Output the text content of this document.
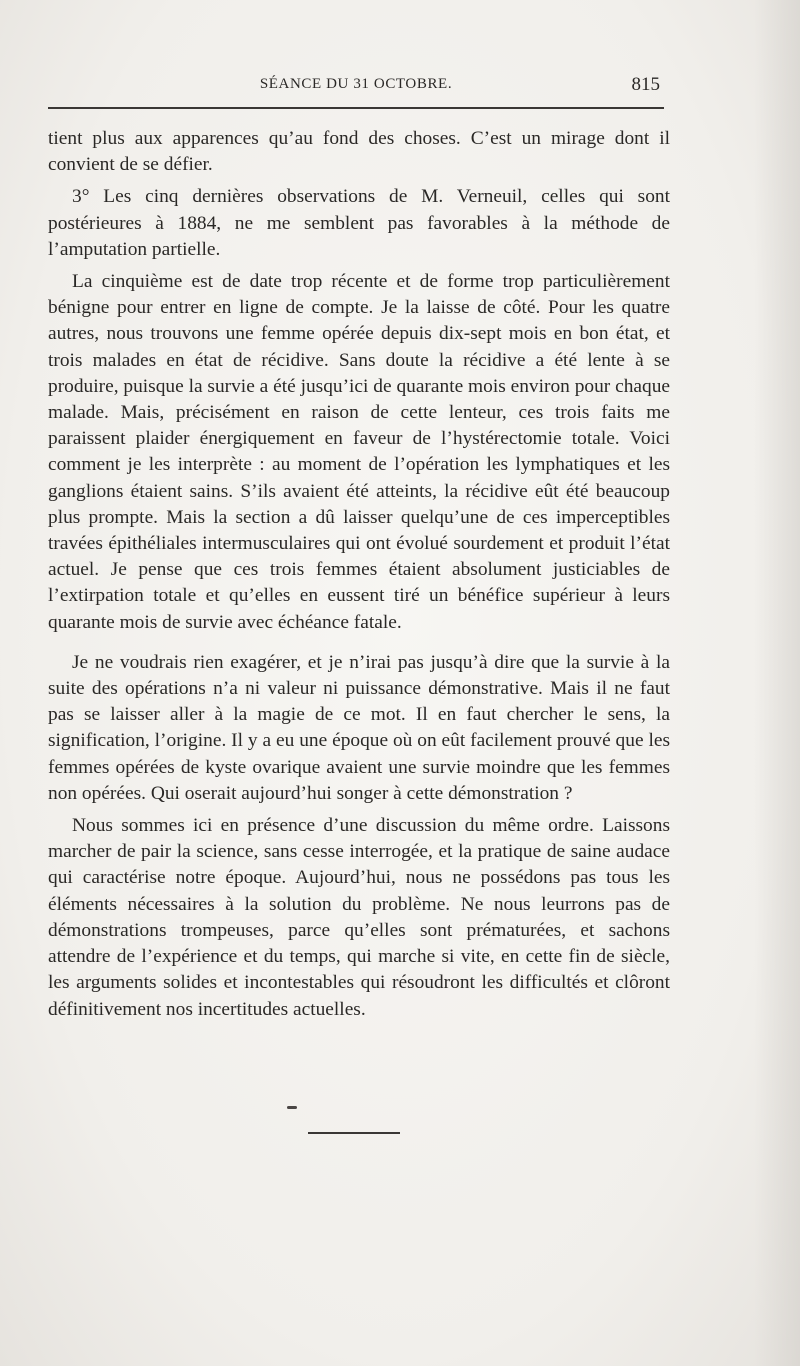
SÉANCE DU 31 OCTOBRE.	815

tient plus aux apparences qu’au fond des choses. C’est un mirage dont il convient de se défier.

3° Les cinq dernières observations de M. Verneuil, celles qui sont postérieures à 1884, ne me semblent pas favorables à la méthode de l’amputation partielle.

La cinquième est de date trop récente et de forme trop particulièrement bénigne pour entrer en ligne de compte. Je la laisse de côté. Pour les quatre autres, nous trouvons une femme opérée depuis dix-sept mois en bon état, et trois malades en état de récidive. Sans doute la récidive a été lente à se produire, puisque la survie a été jusqu’ici de quarante mois environ pour chaque malade. Mais, précisément en raison de cette lenteur, ces trois faits me paraissent plaider énergiquement en faveur de l’hystérectomie totale. Voici comment je les interprète : au moment de l’opération les lymphatiques et les ganglions étaient sains. S’ils avaient été atteints, la récidive eût été beaucoup plus prompte. Mais la section a dû laisser quelqu’une de ces imperceptibles travées épithéliales intermusculaires qui ont évolué sourdement et produit l’état actuel. Je pense que ces trois femmes étaient absolument justiciables de l’extirpation totale et qu’elles en eussent tiré un bénéfice supérieur à leurs quarante mois de survie avec échéance fatale.

Je ne voudrais rien exagérer, et je n’irai pas jusqu’à dire que la survie à la suite des opérations n’a ni valeur ni puissance démonstrative. Mais il ne faut pas se laisser aller à la magie de ce mot. Il en faut chercher le sens, la signification, l’origine. Il y a eu une époque où on eût facilement prouvé que les femmes opérées de kyste ovarique avaient une survie moindre que les femmes non opérées. Qui oserait aujourd’hui songer à cette démonstration ?

Nous sommes ici en présence d’une discussion du même ordre. Laissons marcher de pair la science, sans cesse interrogée, et la pratique de saine audace qui caractérise notre époque. Aujourd’hui, nous ne possédons pas tous les éléments nécessaires à la solution du problème. Ne nous leurrons pas de démonstrations trompeuses, parce qu’elles sont prématurées, et sachons attendre de l’expérience et du temps, qui marche si vite, en cette fin de siècle, les arguments solides et incontestables qui résoudront les difficultés et clôront définitivement nos incertitudes actuelles.
